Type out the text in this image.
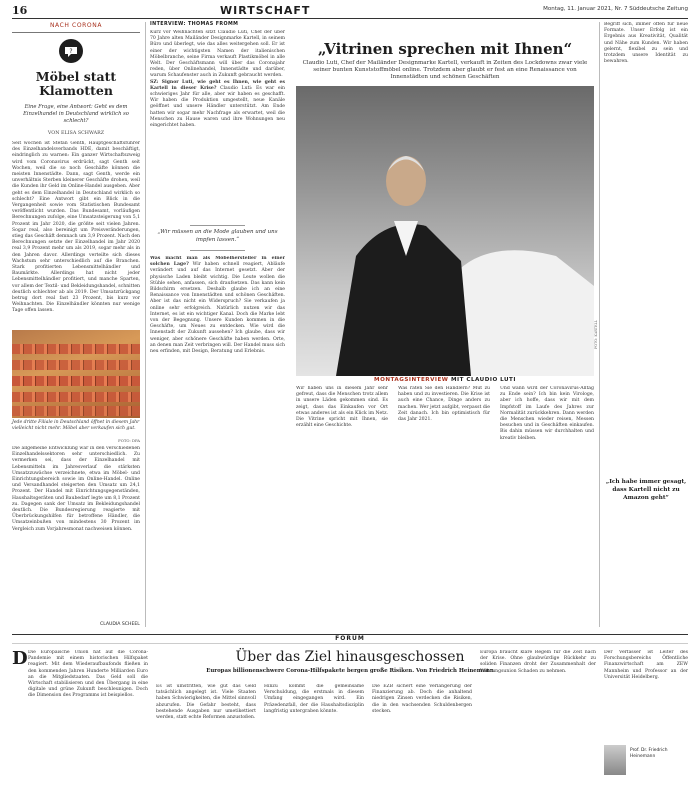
16	WIRTSCHAFT	Montag, 11. Januar 2021, Nr. 7 Süddeutsche Zeitung
NACH CORONA
?
Möbel statt Klamotten
Eine Frage, eine Antwort: Geht es dem Einzelhandel in Deutschland wirklich so schlecht?
VON ELISA SCHWARZ
Seit wochen ist Stefan Genth, Hauptgeschäftsführer des Einzelhandelsverbands HDE, damit beschäftigt, eindringlich zu warnen: Ein ganzer Wirtschaftszweig wird vom Coronavirus erdrückt, sagt Genth seit Wochen, weil die so noch Geschäfte können die meisten Innenstädte. Dann, sagt Genth, werde ein unverhältnis Sterben kleinerer Geschäfte drohen, weil die Kunden ihr Geld im Online-Handel ausgeben. Aber geht es dem Einzelhandel in Deutschland wirklich so schlecht? Eine Antwort gibt ein Blick in die Vergangenheit sowie vom Statistischen Bundesamt veröffentlicht wurden. Das Bundesamt, vorläufigen Berechnungen zufolge, eine Umsatzsteigerung von 5,1 Prozent im Jahr 2020, die größte seit vielen Jahren. Sogar real, also bereinigt um Preisveränderungen, stieg das Geschäft demnach um 3,9 Prozent. Nach den Berechnungen setzte der Einzelhandel im Jahr 2020 real 3,9 Prozent mehr um als 2019, sogar mehr als in den Jahren davor. Allerdings verteilte sich dieses Wachstum sehr unterschiedlich auf die Branchen. Stark profitierten Lebensmittelhändler und Baumärkte. Allerdings hat nicht jeder Lebensmittelhändler profitiert, und manche Sparten, vor allem der Textil- und Bekleidungshandel, schnitten deutlich schlechter ab als 2019. Der Umsatzrückgang betrug dort real fast 23 Prozent, bis kurz vor Weihnachten. Die Einzelhändler könnten nur wenige Tage offen lassen.
Jede dritte Filiale in Deutschland öffnet in diesem Jahr vielleicht nicht mehr. Möbel aber verkaufen sich gut.
FOTO: DPA
Die allgemeine Entwicklung war in den verschiedenen Einzelhandelssektoren sehr unterschiedlich. Zu vermerken sei, dass der Einzelhandel mit Lebensmitteln im Jahresverlauf die stärksten Umsatzzuwächse verzeichnete, etwa im Möbel- und Einrichtungsbereich sowie im Online-Handel. Online und Versandhandel steigerten den Umsatz um 24,1 Prozent. Der Handel mit Einrichtungsgegenständen, Haushaltsgeräten und Baubedarf legte um 8,1 Prozent zu. Dagegen sank der Umsatz im Bekleidungshandel deutlich. Die Bundesregierung reagierte mit Überbrückungshilfen für betroffene Händler, die Umsatzeinbußen von mindestens 30 Prozent im Vergleich zum Vorjahresmonat nachweisen können.
CLAUDIA SCHEEL
INTERVIEW: THOMAS FROMM
Kurz vor Weihnachten sitzt Claudio Luti, Chef der über 70 Jahre alten Mailänder Designmarke Kartell, in seinem Büro und überlegt, wie das alles weitergehen soll. Er ist einer der wichtigsten Namen der italienischen Möbelbranche, seine Firma verkauft Plastikmöbel in alle Welt. Der Geschäftsmann will über das Coronajahr reden, über Onlinehandel, Innenstädte und darüber, warum Schaufenster auch in Zukunft gebraucht werden.
SZ: Signor Luti, wie geht es Ihnen, wie geht es Kartell in dieser Krise? Claudio Luti: Es war ein schwieriges Jahr für alle, aber wir haben es geschafft. Wir haben die Produktion umgestellt, neue Kanäle geöffnet und unsere Händler unterstützt. Am Ende hatten wir sogar mehr Nachfrage als erwartet, weil die Menschen zu Hause waren und ihre Wohnungen neu eingerichtet haben.
„Wir müssen an die Mode glauben und uns impfen lassen.“
Was macht man als Möbelhersteller in einer solchen Lage? Wir haben schnell reagiert, Abläufe verändert und auf das Internet gesetzt. Aber der physische Laden bleibt wichtig. Die Leute wollen die Stühle sehen, anfassen, sich draufsetzen. Das kann kein Bildschirm ersetzen. Deshalb glaube ich an eine Renaissance von Innenstädten und schönen Geschäften. Aber ist das nicht ein Widerspruch? Sie verkaufen ja online sehr erfolgreich. Natürlich nutzen wir das Internet, es ist ein wichtiger Kanal. Doch die Marke lebt von der Begegnung. Unsere Kunden kommen in die Geschäfte, um Neues zu entdecken. Wie wird die Innenstadt der Zukunft aussehen? Ich glaube, dass wir weniger, aber schönere Geschäfte haben werden. Orte, an denen man Zeit verbringen will. Der Handel muss sich neu erfinden, mit Design, Beratung und Erlebnis.
„Vitrinen sprechen mit Ihnen“
Claudio Luti, Chef der Mailänder Designmarke Kartell, verkauft in Zeiten des Lockdowns zwar viele seiner bunten Kunststoffmöbel online. Trotzdem aber glaubt er fest an eine Renaissance von Innenstädten und schönen Geschäften
FOTO: KARTELL
MONTAGSINTERVIEW MIT CLAUDIO LUTI
Wir haben uns in diesem Jahr sehr gefreut, dass die Menschen trotz allem in unsere Läden gekommen sind. Es zeigt, dass das Einkaufen vor Ort etwas anderes ist als ein Klick im Netz. Die Vitrine spricht mit Ihnen, sie erzählt eine Geschichte.
Was raten Sie den Händlern? Mut zu haben und zu investieren. Die Krise ist auch eine Chance, Dinge anders zu machen. Wer jetzt aufgibt, verpasst die Zeit danach. Ich bin optimistisch für das Jahr 2021.
Und wann wird der Coronavirus-Alltag zu Ende sein? Ich bin kein Virologe, aber ich hoffe, dass wir mit dem Impfstoff im Laufe des Jahres zur Normalität zurückkehren. Dann werden die Menschen wieder reisen, Messen besuchen und in Geschäften einkaufen. Bis dahin müssen wir durchhalten und kreativ bleiben.
Begriff sich, immer offen für neue Formate. Unser Erfolg ist ein Ergebnis aus Kreativität, Qualität und Nähe zum Kunden. Wir haben gelernt, flexibel zu sein und trotzdem unsere Identität zu bewahren.
„Ich habe immer gesagt, dass Kartell nicht zu Amazon geht“
FORUM
D	Über das Ziel hinausgeschossen
Europas billionenschwere Corona-Hilfspakete bergen große Risiken. Von Friedrich Heinemann
Die Europäische Union hat auf die Corona-Pandemie mit einem historischen Hilfspaket reagiert. Mit dem Wiederaufbaufonds fließen in den kommenden Jahren Hunderte Milliarden Euro an die Mitgliedstaaten. Das Geld soll die Wirtschaft stabilisieren und den Übergang in eine digitale und grüne Zukunft beschleunigen. Doch die Dimension des Programms ist beispiellos.
Es ist umstritten, wie gut das Geld tatsächlich angelegt ist. Viele Staaten haben Schwierigkeiten, die Mittel sinnvoll abzurufen. Die Gefahr besteht, dass bestehende Ausgaben nur umetikettiert werden, statt echte Reformen anzustoßen.
Hinzu kommt die gemeinsame Verschuldung, die erstmals in diesem Umfang eingegangen wird. Ein Präzedenzfall, der die Haushaltsdisziplin langfristig untergraben könnte.
Die EZB sichert eine Verlängerung der Finanzierung ab. Doch die anhaltend niedrigen Zinsen verdecken die Risiken, die in den wachsenden Schuldenbergen stecken.
Europa braucht klare Regeln für die Zeit nach der Krise. Ohne glaubwürdige Rückkehr zu soliden Finanzen droht der Zusammenhalt der Währungsunion Schaden zu nehmen.
Der Verfasser ist Leiter des Forschungsbereichs Öffentliche Finanzwirtschaft am ZEW Mannheim und Professor an der Universität Heidelberg.
Prof. Dr. Friedrich Heinemann
